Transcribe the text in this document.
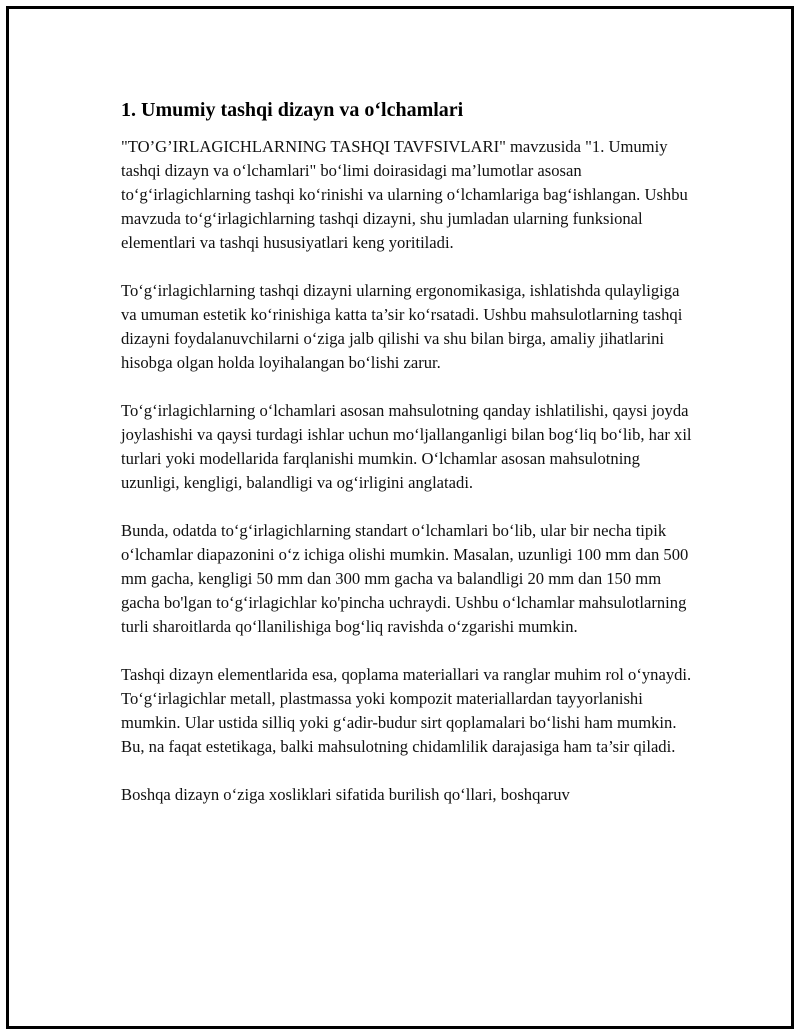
1. Umumiy tashqi dizayn va o‘lchamlari

"TO’G’IRLAGICHLARNING TASHQI TAVFSIVLARI" mavzusida "1. Umumiy tashqi dizayn va o‘lchamlari" bo‘limi doirasidagi ma’lumotlar asosan to‘g‘irlagichlarning tashqi ko‘rinishi va ularning o‘lchamlariga bag‘ishlangan. Ushbu mavzuda to‘g‘irlagichlarning tashqi dizayni, shu jumladan ularning funksional elementlari va tashqi hususiyatlari keng yoritiladi.

To‘g‘irlagichlarning tashqi dizayni ularning ergonomikasiga, ishlatishda qulayligiga va umuman estetik ko‘rinishiga katta ta’sir ko‘rsatadi. Ushbu mahsulotlarning tashqi dizayni foydalanuvchilarni o‘ziga jalb qilishi va shu bilan birga, amaliy jihatlarini hisobga olgan holda loyihalangan bo‘lishi zarur.

To‘g‘irlagichlarning o‘lchamlari asosan mahsulotning qanday ishlatilishi, qaysi joyda joylashishi va qaysi turdagi ishlar uchun mo‘ljallanganligi bilan bog‘liq bo‘lib, har xil turlari yoki modellarida farqlanishi mumkin. O‘lchamlar asosan mahsulotning uzunligi, kengligi, balandligi va og‘irligini anglatadi.

Bunda, odatda to‘g‘irlagichlarning standart o‘lchamlari bo‘lib, ular bir necha tipik o‘lchamlar diapazonini o‘z ichiga olishi mumkin. Masalan, uzunligi 100 mm dan 500 mm gacha, kengligi 50 mm dan 300 mm gacha va balandligi 20 mm dan 150 mm gacha bo'lgan to‘g‘irlagichlar ko'pincha uchraydi. Ushbu o‘lchamlar mahsulotlarning turli sharoitlarda qo‘llanilishiga bog‘liq ravishda o‘zgarishi mumkin.

Tashqi dizayn elementlarida esa, qoplama materiallari va ranglar muhim rol o‘ynaydi. To‘g‘irlagichlar metall, plastmassa yoki kompozit materiallardan tayyorlanishi mumkin. Ular ustida silliq yoki g‘adir-budur sirt qoplamalari bo‘lishi ham mumkin. Bu, na faqat estetikaga, balki mahsulotning chidamlilik darajasiga ham ta’sir qiladi.

Boshqa dizayn o‘ziga xosliklari sifatida burilish qo‘llari, boshqaruv
